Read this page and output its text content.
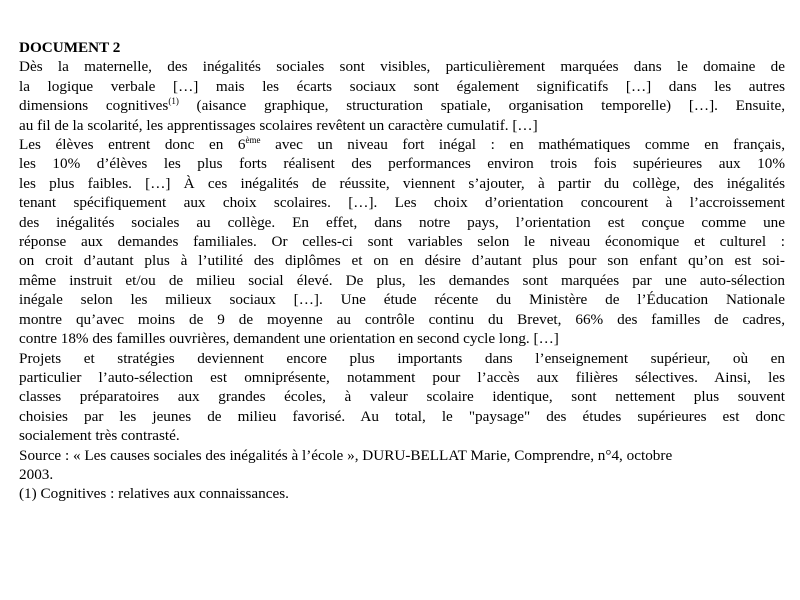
DOCUMENT 2

Dès la maternelle, des inégalités sociales sont visibles, particulièrement marquées dans le domaine de
la logique verbale […] mais les écarts sociaux sont également significatifs […] dans les autres
dimensions cognitives$^{(1)}$ (aisance graphique, structuration spatiale, organisation temporelle) […]. Ensuite,
au fil de la scolarité, les apprentissages scolaires revêtent un caractère cumulatif. […]
Les élèves entrent donc en 6ème avec un niveau fort inégal : en mathématiques comme en français,
les 10% d’élèves les plus forts réalisent des performances environ trois fois supérieures aux 10%
les plus faibles. […] À ces inégalités de réussite, viennent s’ajouter, à partir du collège, des inégalités
tenant spécifiquement aux choix scolaires. […]. Les choix d’orientation concourent à l’accroissement
des inégalités sociales au collège. En effet, dans notre pays, l’orientation est conçue comme une
réponse aux demandes familiales. Or celles-ci sont variables selon le niveau économique et culturel :
on croit d’autant plus à l’utilité des diplômes et on en désire d’autant plus pour son enfant qu’on est soi-
même instruit et/ou de milieu social élevé. De plus, les demandes sont marquées par une auto-sélection
inégale selon les milieux sociaux […]. Une étude récente du Ministère de l’Éducation Nationale
montre qu’avec moins de 9 de moyenne au contrôle continu du Brevet, 66% des familles de cadres,
contre 18% des familles ouvrières, demandent une orientation en second cycle long. […]
Projets et stratégies deviennent encore plus importants dans l’enseignement supérieur, où en
particulier l’auto-sélection est omniprésente, notamment pour l’accès aux filières sélectives. Ainsi, les
classes préparatoires aux grandes écoles, à valeur scolaire identique, sont nettement plus souvent
choisies par les jeunes de milieu favorisé. Au total, le "paysage" des études supérieures est donc
socialement très contrasté.
Source : « Les causes sociales des inégalités à l’école », DURU-BELLAT Marie, Comprendre, n°4, octobre
2003.

(1) Cognitives : relatives aux connaissances.
